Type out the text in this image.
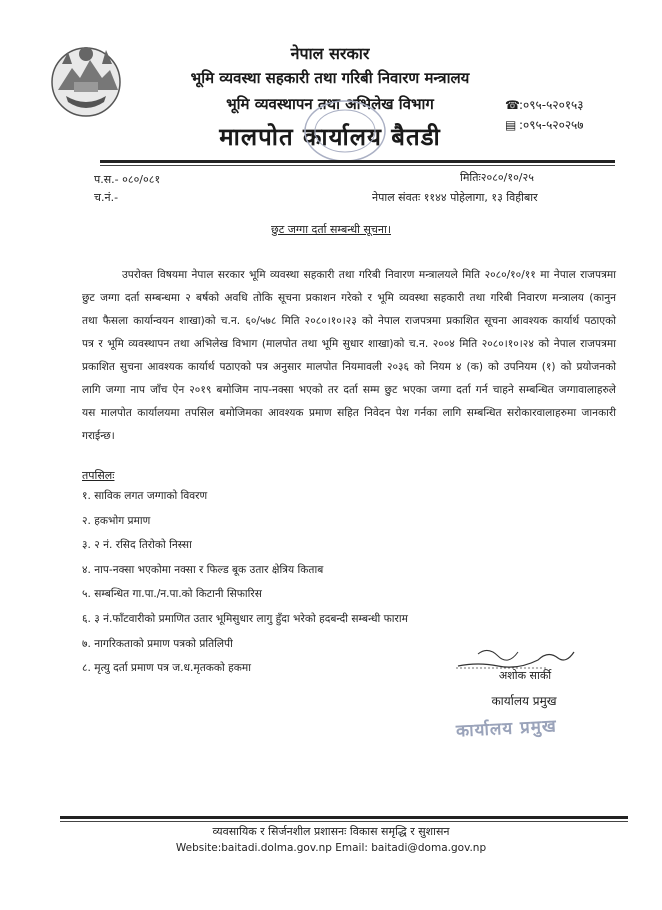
नेपाल सरकार
भूमि व्यवस्था सहकारी तथा गरिबी निवारण मन्त्रालय
भूमि व्यवस्थापन तथा अभिलेख विभाग
मालपोत कार्यालय बैतडी
☎:०९५-५२०१५३
▤ :०९५-५२०२५७
प.स.- ०८०/०८१
च.नं.-
मितिः२०८०/१०/२५
नेपाल संवतः ११४४ पोहेलागा, १३ विहीबार
छुट जग्गा दर्ता सम्बन्धी सूचना।
उपरोक्त विषयमा नेपाल सरकार भूमि व्यवस्था सहकारी तथा गरिबी निवारण मन्त्रालयले मिति २०८०/१०/११ मा नेपाल राजपत्रमा छुट जग्गा दर्ता सम्बन्धमा २ बर्षको अवधि तोकि सूचना प्रकाशन गरेको र भूमि व्यवस्था सहकारी तथा गरिबी निवारण मन्त्रालय (कानुन तथा फैसला कार्यान्वयन शाखा)को च.न. ६०/५७८ मिति २०८०।१०।२३ को नेपाल राजपत्रमा प्रकाशित सूचना आवश्यक कार्यार्थ पठाएको पत्र र भूमि व्यवस्थापन तथा अभिलेख विभाग (मालपोत तथा भूमि सुधार शाखा)को च.न. २००४ मिति २०८०।१०।२४ को नेपाल राजपत्रमा प्रकाशित सुचना आवश्यक कार्यार्थ पठाएको पत्र अनुसार मालपोत नियमावली २०३६ को नियम ४ (क) को उपनियम (१) को प्रयोजनको लागि जग्गा नाप जाँच ऐन २०१९ बमोजिम नाप-नक्सा भएको तर दर्ता सम्म छुट भएका जग्गा दर्ता गर्न चाहने सम्बन्धित जग्गावालाहरुले यस मालपोत कार्यालयमा तपसिल बमोजिमका आवश्यक प्रमाण सहित निवेदन पेश गर्नका लागि सम्बन्धित सरोकारवालाहरुमा जानकारी गराईन्छ।
तपसिलः
१. साविक लगत जग्गाको विवरण
२. हकभोग प्रमाण
३. २ नं. रसिद तिरोको निस्सा
४. नाप-नक्सा भएकोमा नक्सा र फिल्ड बूक उतार क्षेत्रिय किताब
५. सम्बन्धित गा.पा./न.पा.को किटानी सिफारिस
६. ३ नं.फाँटवारीको प्रमाणित उतार भूमिसुधार लागु हुँदा भरेको हदबन्दी सम्बन्धी फाराम
७. नागरिकताको प्रमाण पत्रको प्रतिलिपी
८. मृत्यु दर्ता प्रमाण पत्र ज.ध.मृतकको हकमा
अशोक सार्की
कार्यालय प्रमुख
कार्यालय प्रमुख
व्यवसायिक र सिर्जनशील प्रशासनः विकास समृद्धि र सुशासन
Website:baitadi.dolma.gov.np Email: baitadi@doma.gov.np
